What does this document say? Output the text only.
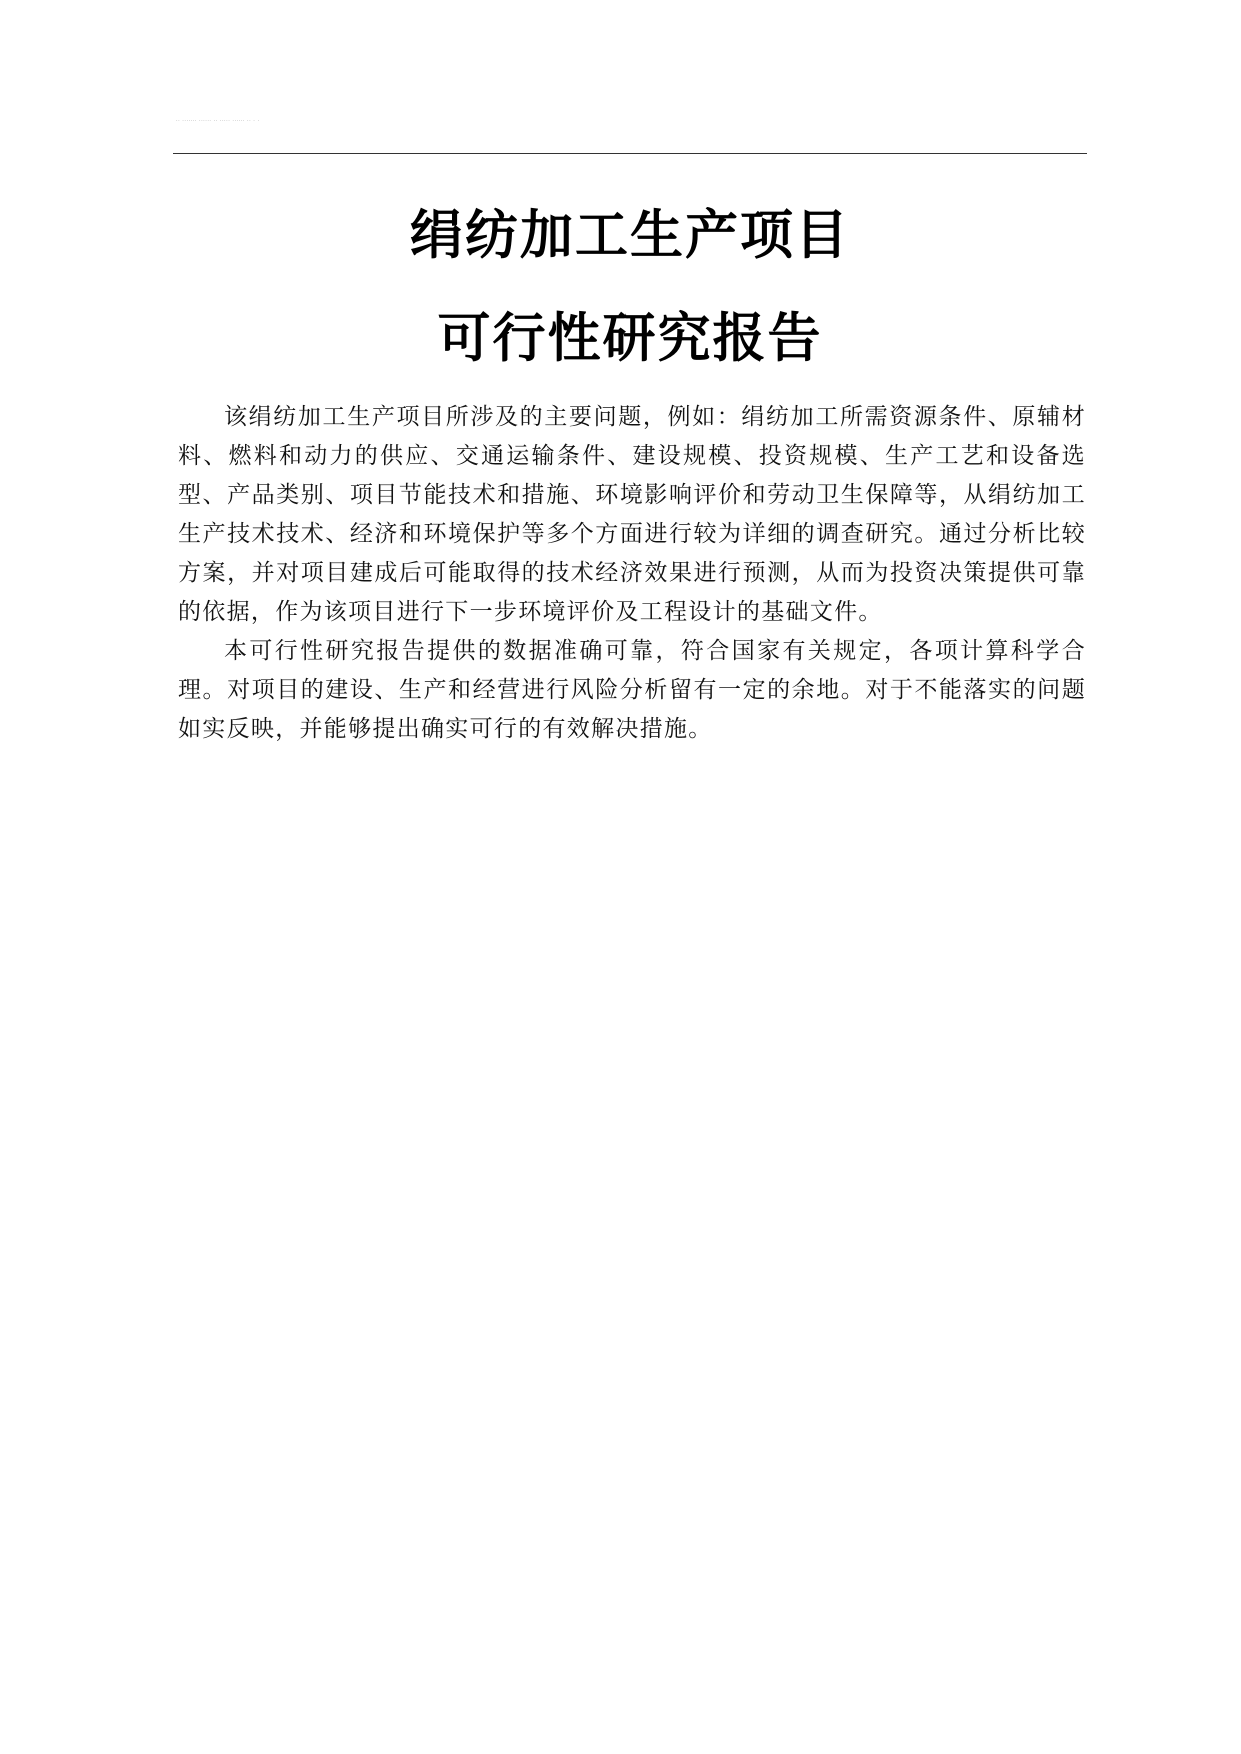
·· ······· ······ ·· ····· ······ ·· · ·
绢纺加工生产项目
可行性研究报告

该绢纺加工生产项目所涉及的主要问题，例如：绢纺加工所需资源条件、原辅材料、燃料和动力的供应、交通运输条件、建设规模、投资规模、生产工艺和设备选型、产品类别、项目节能技术和措施、环境影响评价和劳动卫生保障等，从绢纺加工生产技术技术、经济和环境保护等多个方面进行较为详细的调查研究。通过分析比较方案，并对项目建成后可能取得的技术经济效果进行预测，从而为投资决策提供可靠的依据，作为该项目进行下一步环境评价及工程设计的基础文件。

本可行性研究报告提供的数据准确可靠，符合国家有关规定，各项计算科学合理。对项目的建设、生产和经营进行风险分析留有一定的余地。对于不能落实的问题如实反映，并能够提出确实可行的有效解决措施。
